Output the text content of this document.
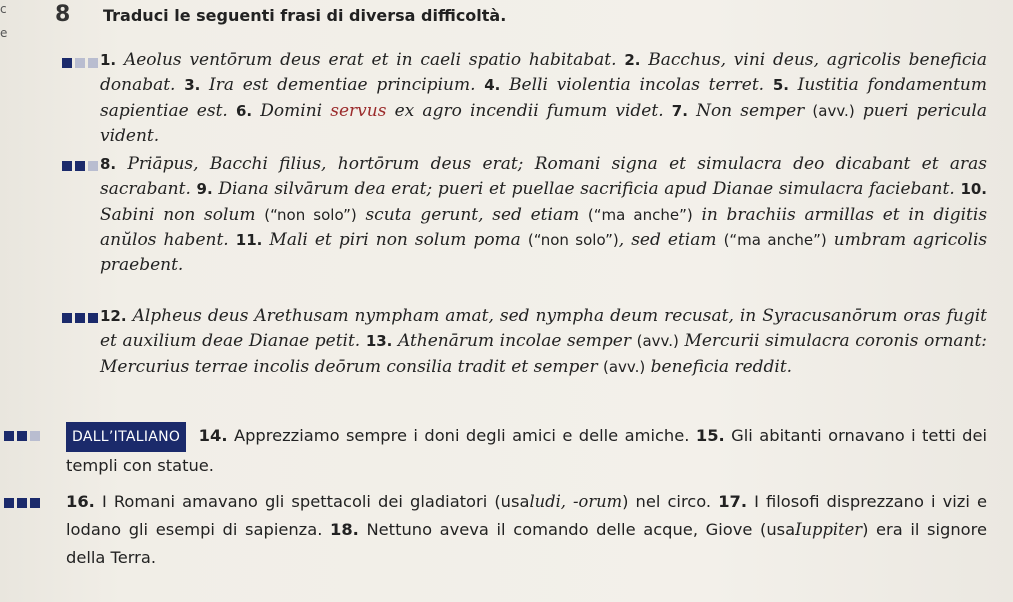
c
e
8 Traduci le seguenti frasi di diversa difficoltà.
1. Aeolus ventōrum deus erat et in caeli spatio habitabat. 2. Bacchus, vini deus, agricolis beneficia donabat. 3. Ira est dementiae principium. 4. Belli violentia incolas terret. 5. Iustitia fondamentum sapientiae est. 6. Domini servus ex agro incendii fumum videt. 7. Non semper (avv.) pueri pericula vident.
8. Priāpus, Bacchi filius, hortōrum deus erat; Romani signa et simulacra deo dicabant et aras sacrabant. 9. Diana silvārum dea erat; pueri et puellae sacrificia apud Dianae simulacra faciebant. 10. Sabini non solum (“non solo”) scuta gerunt, sed etiam (“ma anche”) in brachiis armillas et in digitis anŭlos habent. 11. Mali et piri non solum poma (“non solo”), sed etiam (“ma anche”) umbram agricolis praebent.
12. Alpheus deus Arethusam nympham amat, sed nympha deum recusat, in Syracusanōrum oras fugit et auxilium deae Dianae petit. 13. Athenārum incolae semper (avv.) Mercurii simulacra coronis ornant: Mercurius terrae incolis deōrum consilia tradit et semper (avv.) beneficia reddit.
DALL’ITALIANO 14. Apprezziamo sempre i doni degli amici e delle amiche. 15. Gli abitanti ornavano i tetti dei templi con statue.
16. I Romani amavano gli spettacoli dei gladiatori (usaludi, -orum) nel circo. 17. I filosofi disprezzano i vizi e lodano gli esempi di sapienza. 18. Nettuno aveva il comando delle acque, Giove (usaIuppiter) era il signore della Terra.
